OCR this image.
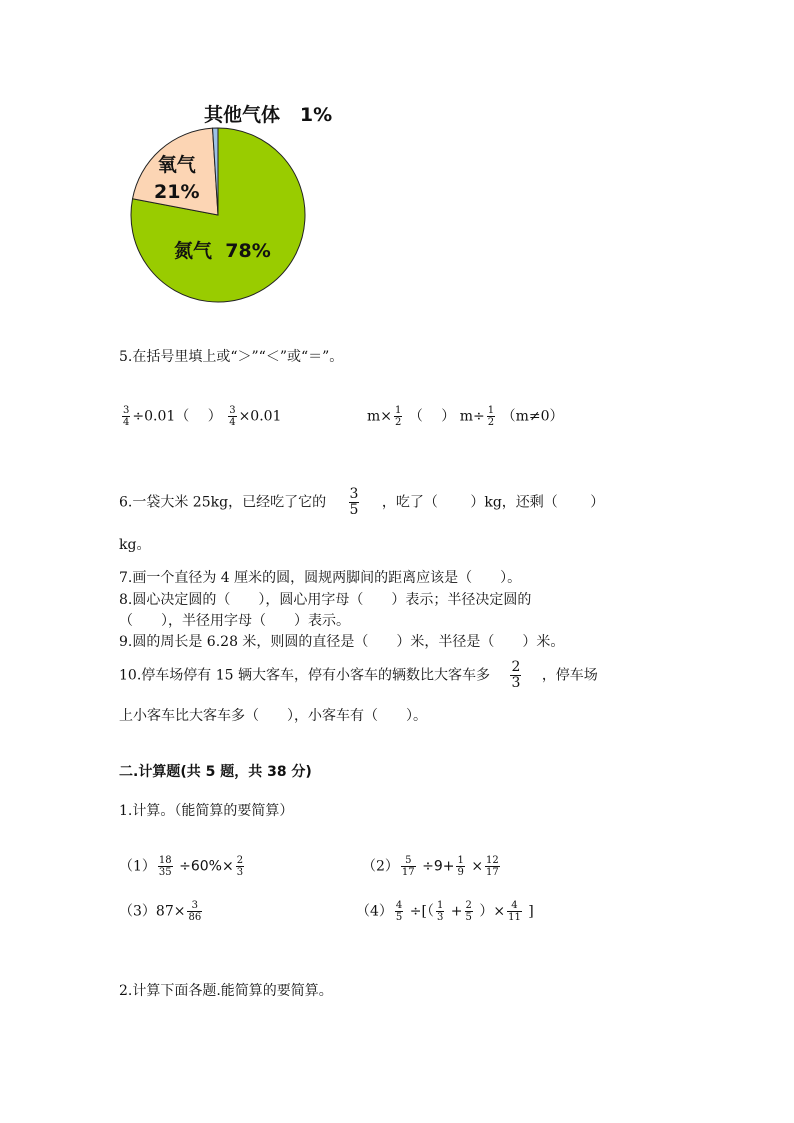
其他气体 1%
氧气
21%
氮气 78%
5.在括号里填上或“＞”“＜”或“＝”。
$\frac{3}{4} \div 0.01$（　 ） $\frac{3}{4} \times 0.01$	$m\times \frac{1}{2}$ （　 ） $m\div \frac{1}{2} (m\ne 0)$
6.一袋大米 25kg，已经吃了它的 $\frac{3}{5}$ ，吃了（　　 ）kg，还剩（　　 ）
kg。
7.画一个直径为 4 厘米的圆，圆规两脚间的距离应该是（　　）。
8.圆心决定圆的（　　），圆心用字母（　　）表示；半径决定圆的
（　　），半径用字母（　　）表示。
9.圆的周长是 6.28 米，则圆的直径是（　　）米，半径是（　　）米。
10.停车场停有 15 辆大客车，停有小客车的辆数比大客车多 $\frac{2}{3}$ ，停车场
上小客车比大客车多（　　），小客车有（　　）。
二.计算题(共 5 题，共 38 分)
1.计算。（能简算的要简算）
$(1) \frac{18}{35} \div 60\%\times \frac{2}{3}$	$(2) \frac{5}{17} \div 9+ \frac{1}{9} \times \frac{12}{17}$
$(3)87\times \frac{3}{86}$	$(4) \frac{4}{5}$ ÷[（ $\frac{1}{3} + \frac{2}{5}$ ）× $\frac{4}{11}$ ]
2.计算下面各题.能简算的要简算。
